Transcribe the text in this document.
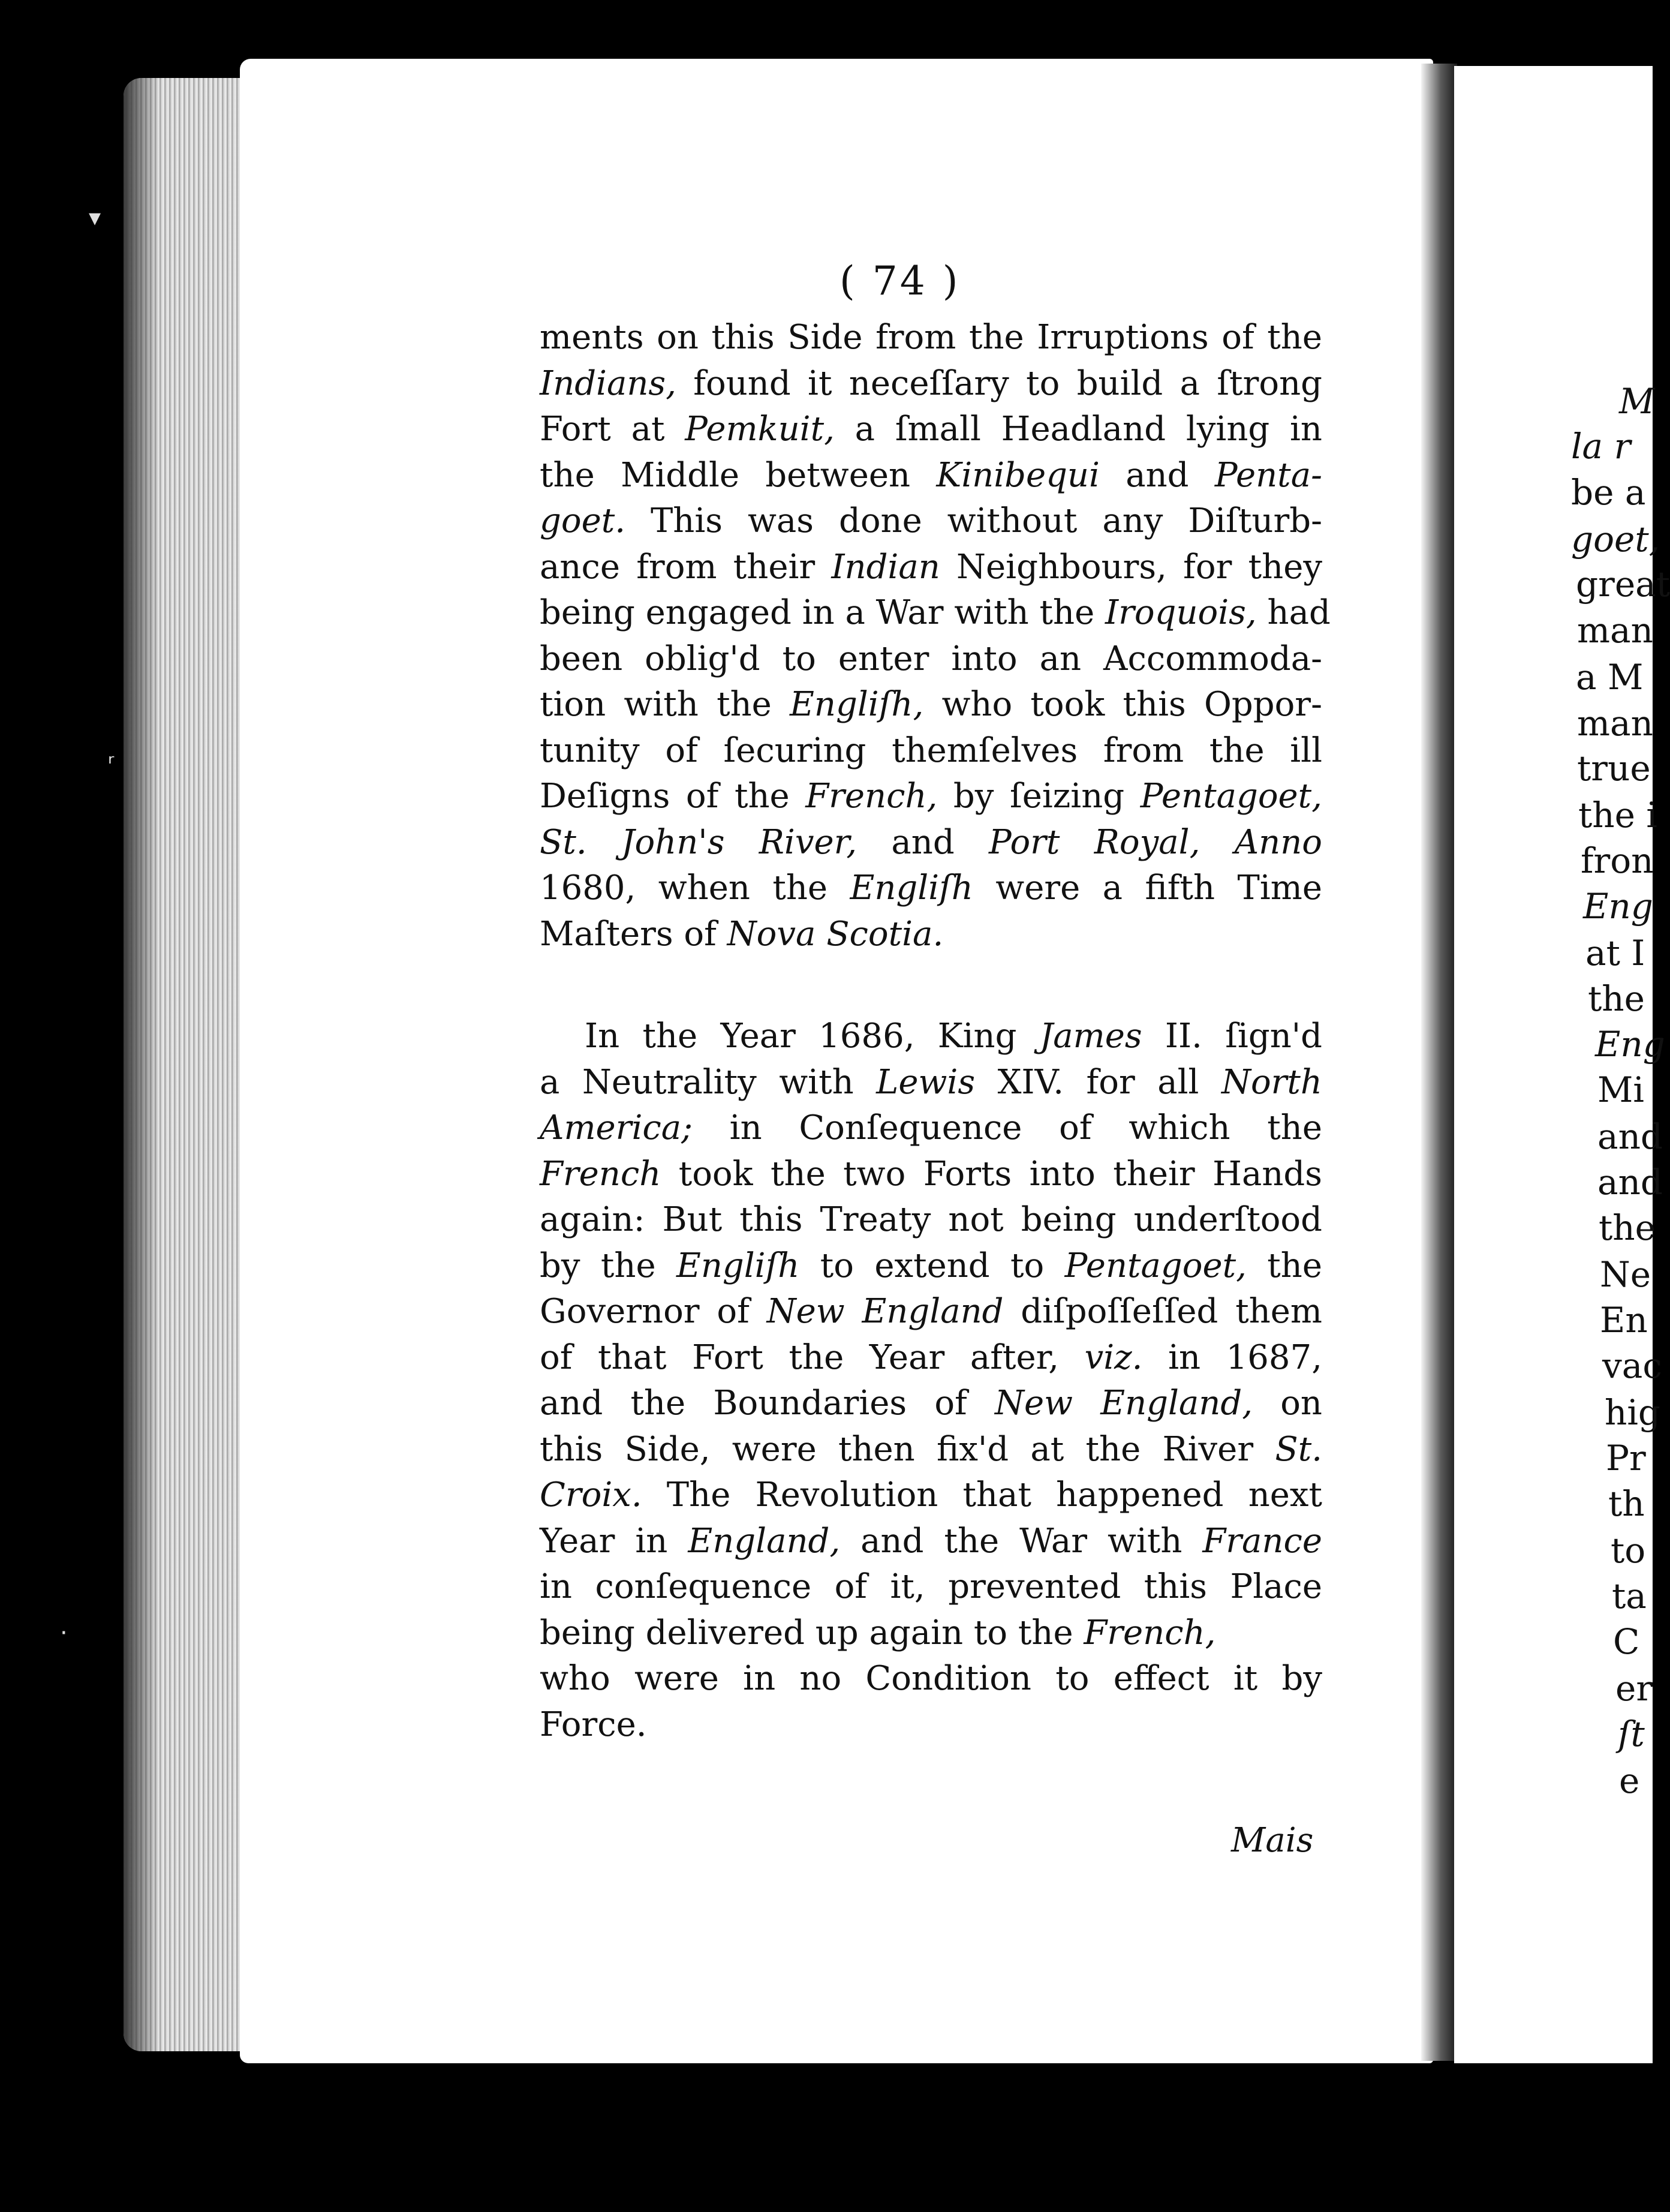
M
la r
be a
goet,
great
man
a M
man
true
the i
fron
Eng
at I
the
Eng
Mi
and
and
the
Ne
En
vac
hig
Pr
th
to
ta
C
er
ſt
e
( 74 )
Mais
ments on this Side from the Irruptions of the
Indians, found it neceſſary to build a ſtrong
Fort at Pemkuit, a ſmall Headland lying in
the Middle between Kinibequi and Penta-
goet. This was done without any Diſturb-
ance from their Indian Neighbours, for they
being engaged in a War with the Iroquois, had
been oblig'd to enter into an Accommoda-
tion with the Engliſh, who took this Oppor-
tunity of ſecuring themſelves from the ill
Deſigns of the French, by ſeizing Pentagoet,
St. John's River, and Port Royal, Anno
1680, when the Engliſh were a fifth Time
Maſters of Nova Scotia.
In the Year 1686, King James II. ſign'd
a Neutrality with Lewis XIV. for all North
America; in Conſequence of which the
French took the two Forts into their Hands
again: But this Treaty not being underſtood
by the Engliſh to extend to Pentagoet, the
Governor of New England diſpoſſeſſed them
of that Fort the Year after, viz. in 1687,
and the Boundaries of New England, on
this Side, were then fix'd at the River St.
Croix. The Revolution that happened next
Year in England, and the War with France
in conſequence of it, prevented this Place
being delivered up again to the French,
who were in no Condition to effect it by
Force.
▾
ʳ
·
